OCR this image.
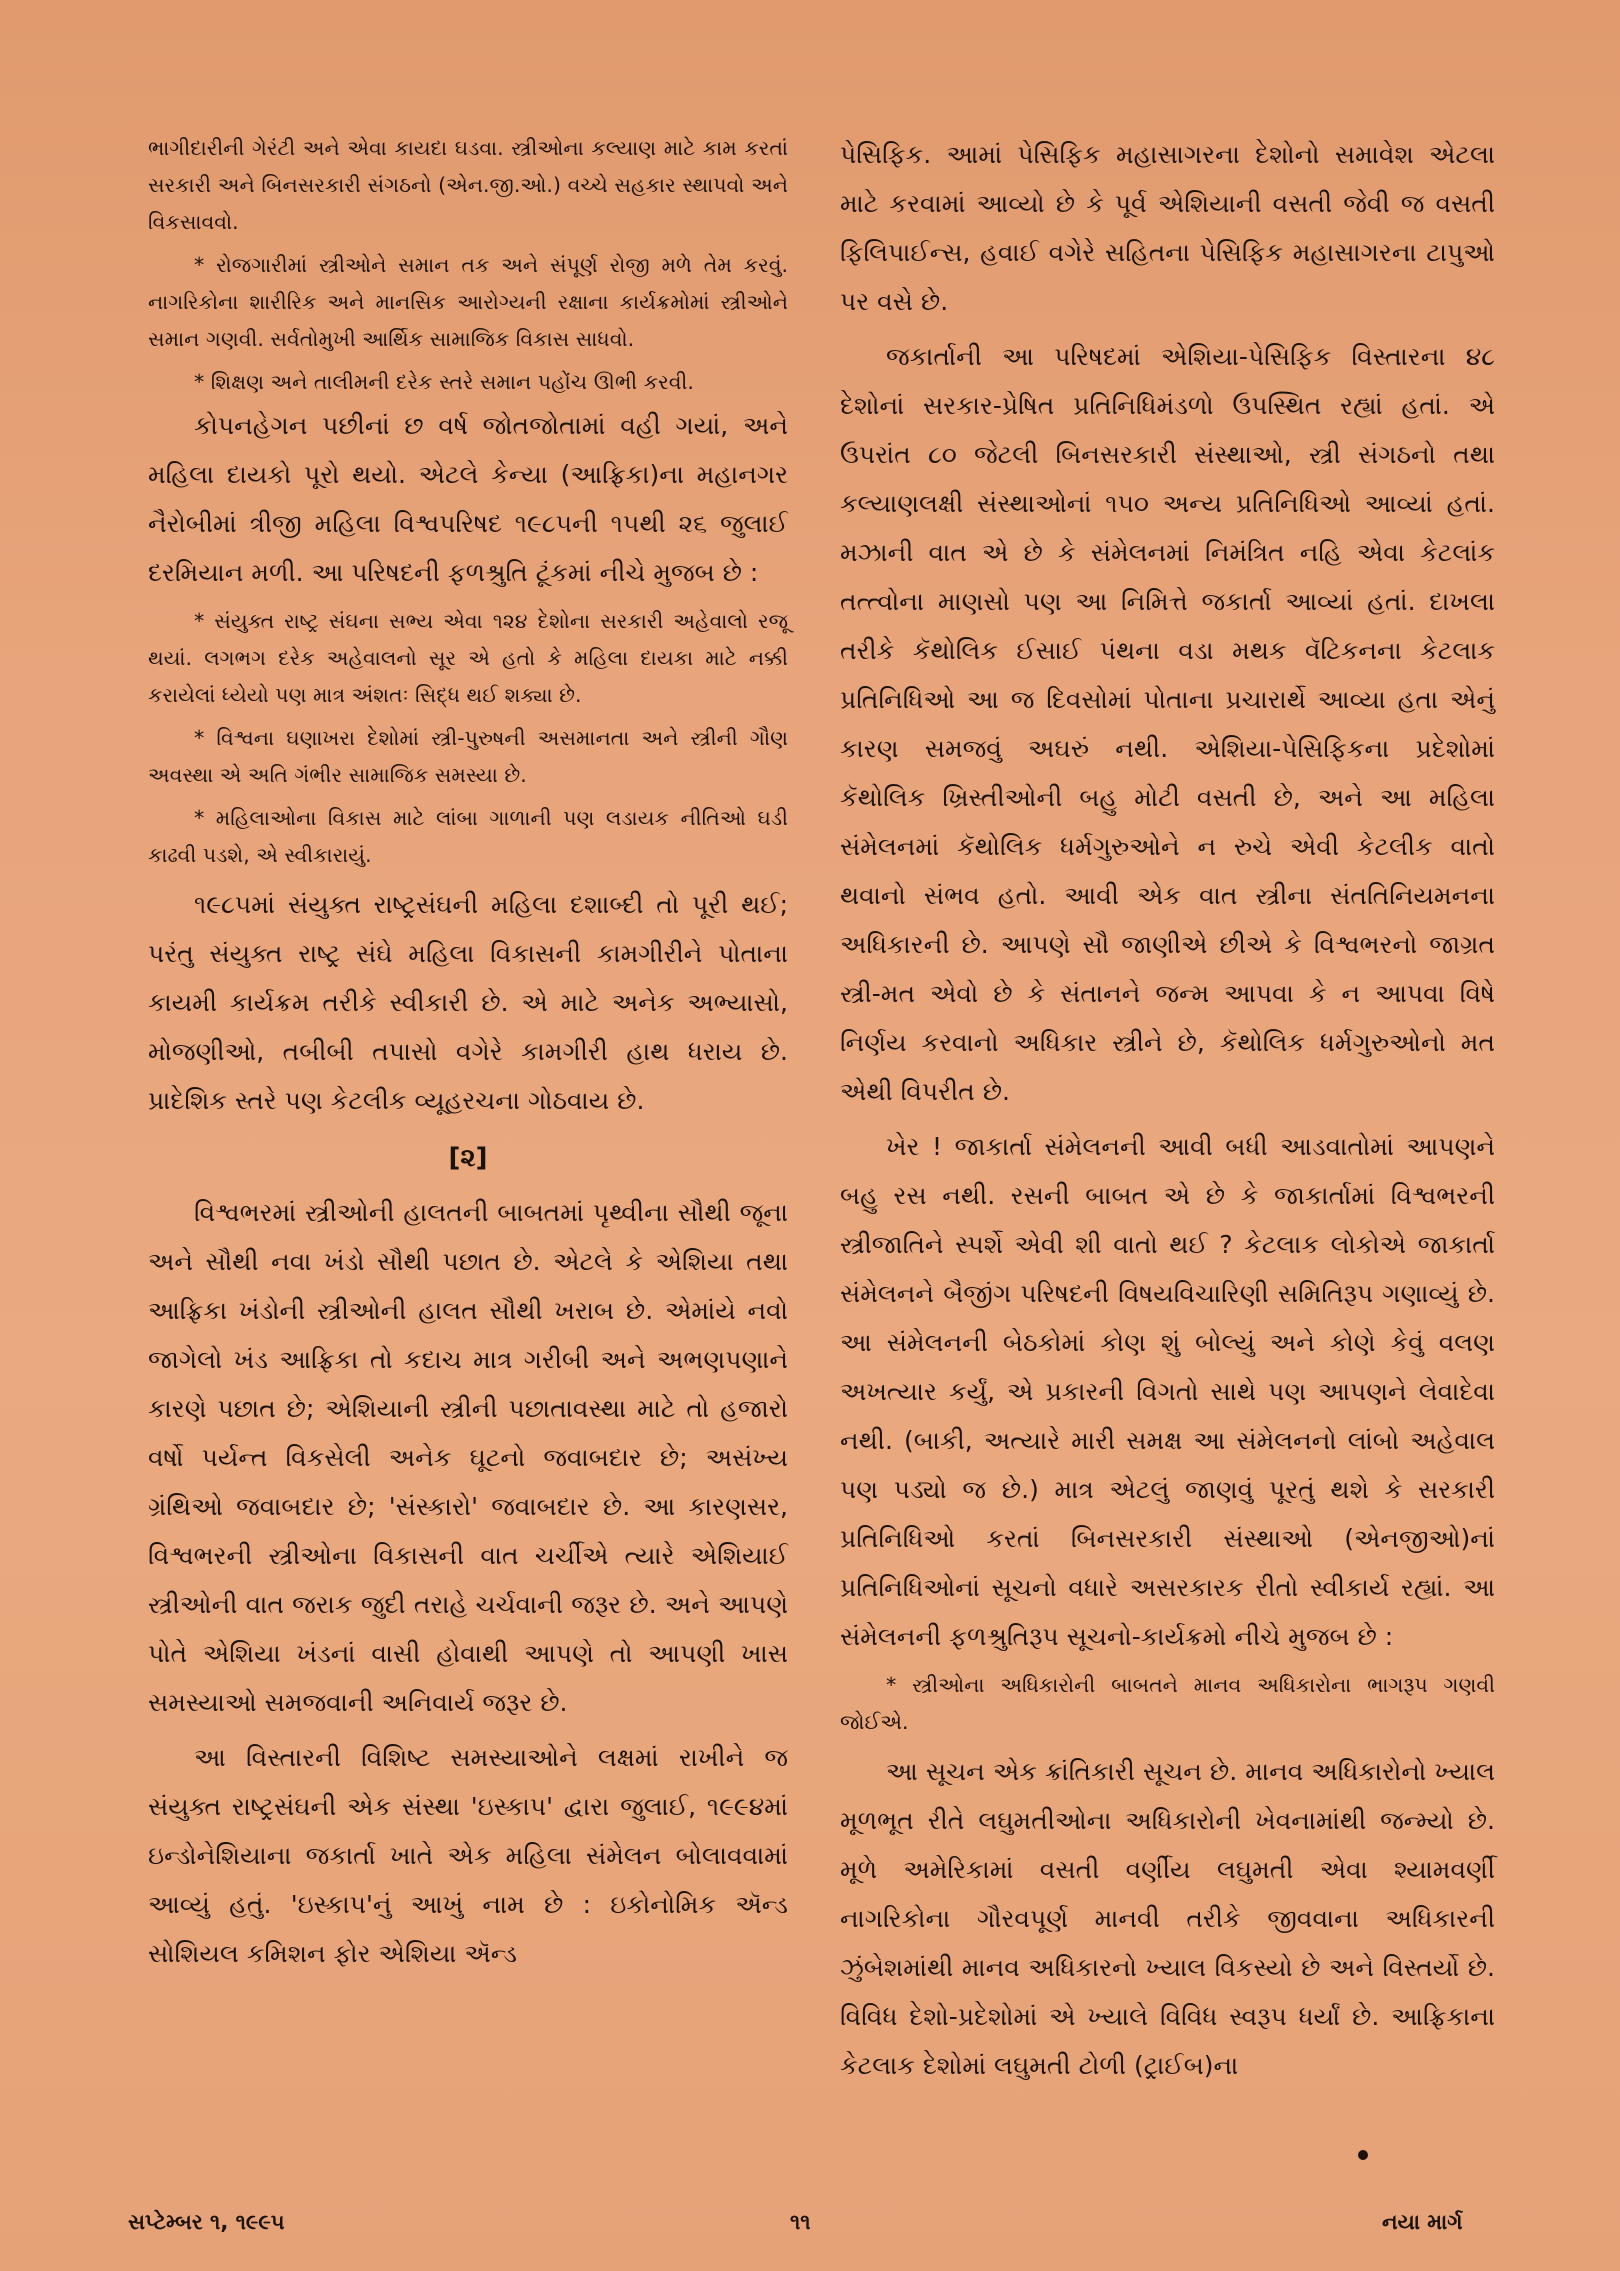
ભાગીદારીની ગેરંટી અને એવા કાયદા ઘડવા. સ્ત્રીઓના કલ્યાણ માટે કામ કરતાં સરકારી અને બિનસરકારી સંગઠનો (એન.જી.ઓ.) વચ્ચે સહકાર સ્થાપવો અને વિકસાવવો.

* રોજગારીમાં સ્ત્રીઓને સમાન તક અને સંપૂર્ણ રોજી મળે તેમ કરવું. નાગરિકોના શારીરિક અને માનસિક આરોગ્યની રક્ષાના કાર્યક્રમોમાં સ્ત્રીઓને સમાન ગણવી. સર્વતોમુખી આર્થિક સામાજિક વિકાસ સાધવો.

* શિક્ષણ અને તાલીમની દરેક સ્તરે સમાન પહોંચ ઊભી કરવી.

કોપનહેગન પછીનાં છ વર્ષ જોતજોતામાં વહી ગયાં, અને મહિલા દાયકો પૂરો થયો. એટલે કેન્યા (આફ્રિકા)ના મહાનગર નૈરોબીમાં ત્રીજી મહિલા વિશ્વપરિષદ ૧૯૮૫ની ૧૫થી ૨૬ જુલાઈ દરમિયાન મળી. આ પરિષદની ફળશ્રુતિ ટૂંકમાં નીચે મુજબ છે :

* સંયુક્ત રાષ્ટ્ર સંઘના સભ્ય એવા ૧૨૪ દેશોના સરકારી અહેવાલો રજૂ થયાં. લગભગ દરેક અહેવાલનો સૂર એ હતો કે મહિલા દાયકા માટે નક્કી કરાયેલાં ધ્યેયો પણ માત્ર અંશતઃ સિદ્ધ થઈ શક્યા છે.

* વિશ્વના ઘણાખરા દેશોમાં સ્ત્રી-પુરુષની અસમાનતા અને સ્ત્રીની ગૌણ અવસ્થા એ અતિ ગંભીર સામાજિક સમસ્યા છે.

* મહિલાઓના વિકાસ માટે લાંબા ગાળાની પણ લડાયક નીતિઓ ઘડી કાઢવી પડશે, એ સ્વીકારાયું.

૧૯૮૫માં સંયુક્ત રાષ્ટ્રસંઘની મહિલા દશાબ્દી તો પૂરી થઈ; પરંતુ સંયુક્ત રાષ્ટ્ર સંઘે મહિલા વિકાસની કામગીરીને પોતાના કાયમી કાર્યક્રમ તરીકે સ્વીકારી છે. એ માટે અનેક અભ્યાસો, મોજણીઓ, તબીબી તપાસો વગેરે કામગીરી હાથ ધરાય છે. પ્રાદેશિક સ્તરે પણ કેટલીક વ્યૂહરચના ગોઠવાય છે.

[૨]

વિશ્વભરમાં સ્ત્રીઓની હાલતની બાબતમાં પૃથ્વીના સૌથી જૂના અને સૌથી નવા ખંડો સૌથી પછાત છે. એટલે કે એશિયા તથા આફ્રિકા ખંડોની સ્ત્રીઓની હાલત સૌથી ખરાબ છે. એમાંયે નવો જાગેલો ખંડ આફ્રિકા તો કદાચ માત્ર ગરીબી અને અભણપણાને કારણે પછાત છે; એશિયાની સ્ત્રીની પછાતાવસ્થા માટે તો હજારો વર્ષો પર્યન્ત વિકસેલી અનેક ઘૂટનો જવાબદાર છે; અસંખ્ય ગ્રંથિઓ જવાબદાર છે; 'સંસ્કારો' જવાબદાર છે. આ કારણસર, વિશ્વભરની સ્ત્રીઓના વિકાસની વાત ચર્ચીએ ત્યારે એશિયાઈ સ્ત્રીઓની વાત જરાક જુદી તરાહે ચર્ચવાની જરૂર છે. અને આપણે પોતે એશિયા ખંડનાં વાસી હોવાથી આપણે તો આપણી ખાસ સમસ્યાઓ સમજવાની અનિવાર્ય જરૂર છે.

આ વિસ્તારની વિશિષ્ટ સમસ્યાઓને લક્ષમાં રાખીને જ સંયુક્ત રાષ્ટ્રસંઘની એક સંસ્થા 'ઇસ્કાપ' દ્વારા જુલાઈ, ૧૯૯૪માં ઇન્ડોનેશિયાના જકાર્તા ખાતે એક મહિલા સંમેલન બોલાવવામાં આવ્યું હતું. 'ઇસ્કાપ'નું આખું નામ છે : ઇકોનોમિક ઍન્ડ સોશિયલ કમિશન ફોર એશિયા ઍન્ડ

પેસિફિક. આમાં પેસિફિક મહાસાગરના દેશોનો સમાવેશ એટલા માટે કરવામાં આવ્યો છે કે પૂર્વ એશિયાની વસતી જેવી જ વસતી ફિલિપાઈન્સ, હવાઈ વગેરે સહિતના પેસિફિક મહાસાગરના ટાપુઓ પર વસે છે.

જકાર્તાની આ પરિષદમાં એશિયા-પેસિફિક વિસ્તારના ૪૮ દેશોનાં સરકાર-પ્રેષિત પ્રતિનિધિમંડળો ઉપસ્થિત રહ્યાં હતાં. એ ઉપરાંત ૮૦ જેટલી બિનસરકારી સંસ્થાઓ, સ્ત્રી સંગઠનો તથા કલ્યાણલક્ષી સંસ્થાઓનાં ૧૫૦ અન્ય પ્રતિનિધિઓ આવ્યાં હતાં. મઝાની વાત એ છે કે સંમેલનમાં નિમંત્રિત નહિ એવા કેટલાંક તત્ત્વોના માણસો પણ આ નિમિત્તે જકાર્તા આવ્યાં હતાં. દાખલા તરીકે કૅથોલિક ઈસાઈ પંથના વડા મથક વૅટિકનના કેટલાક પ્રતિનિધિઓ આ જ દિવસોમાં પોતાના પ્રચારાર્થે આવ્યા હતા એનું કારણ સમજવું અઘરું નથી. એશિયા-પેસિફિકના પ્રદેશોમાં કૅથોલિક ખ્રિસ્તીઓની બહુ મોટી વસતી છે, અને આ મહિલા સંમેલનમાં કૅથોલિક ધર્મગુરુઓને ન રુચે એવી કેટલીક વાતો થવાનો સંભવ હતો. આવી એક વાત સ્ત્રીના સંતતિનિયમનના અધિકારની છે. આપણે સૌ જાણીએ છીએ કે વિશ્વભરનો જાગ્રત સ્ત્રી-મત એવો છે કે સંતાનને જન્મ આપવા કે ન આપવા વિષે નિર્ણય કરવાનો અધિકાર સ્ત્રીને છે, કૅથોલિક ધર્મગુરુઓનો મત એથી વિપરીત છે.

ખેર ! જાકાર્તા સંમેલનની આવી બધી આડવાતોમાં આપણને બહુ રસ નથી. રસની બાબત એ છે કે જાકાર્તામાં વિશ્વભરની સ્ત્રીજાતિને સ્પર્શે એવી શી વાતો થઈ ? કેટલાક લોકોએ જાકાર્તા સંમેલનને બૈજીંગ પરિષદની વિષયવિચારિણી સમિતિરૂપ ગણાવ્યું છે. આ સંમેલનની બેઠકોમાં કોણ શું બોલ્યું અને કોણે કેવું વલણ અખત્યાર કર્યું, એ પ્રકારની વિગતો સાથે પણ આપણને લેવાદેવા નથી. (બાકી, અત્યારે મારી સમક્ષ આ સંમેલનનો લાંબો અહેવાલ પણ પડ્યો જ છે.) માત્ર એટલું જાણવું પૂરતું થશે કે સરકારી પ્રતિનિધિઓ કરતાં બિનસરકારી સંસ્થાઓ (એનજીઓ)નાં પ્રતિનિધિઓનાં સૂચનો વધારે અસરકારક રીતો સ્વીકાર્ય રહ્યાં. આ સંમેલનની ફળશ્રુતિરૂપ સૂચનો-કાર્યક્રમો નીચે મુજબ છે :

* સ્ત્રીઓના અધિકારોની બાબતને માનવ અધિકારોના ભાગરૂપ ગણવી જોઈએ.

આ સૂચન એક ક્રાંતિકારી સૂચન છે. માનવ અધિકારોનો ખ્યાલ મૂળભૂત રીતે લઘુમતીઓના અધિકારોની ખેવનામાંથી જન્મ્યો છે. મૂળે અમેરિકામાં વસતી વર્ણીય લઘુમતી એવા શ્યામવર્ણી નાગરિકોના ગૌરવપૂર્ણ માનવી તરીકે જીવવાના અધિકારની ઝુંબેશમાંથી માનવ અધિકારનો ખ્યાલ વિકસ્યો છે અને વિસ્તર્યો છે. વિવિધ દેશો-પ્રદેશોમાં એ ખ્યાલે વિવિધ સ્વરૂપ ધર્યાં છે. આફ્રિકાના કેટલાક દેશોમાં લઘુમતી ટોળી (ટ્રાઈબ)ના

સપ્ટેમ્બર ૧, ૧૯૯૫	૧૧	નયા માર્ગ
